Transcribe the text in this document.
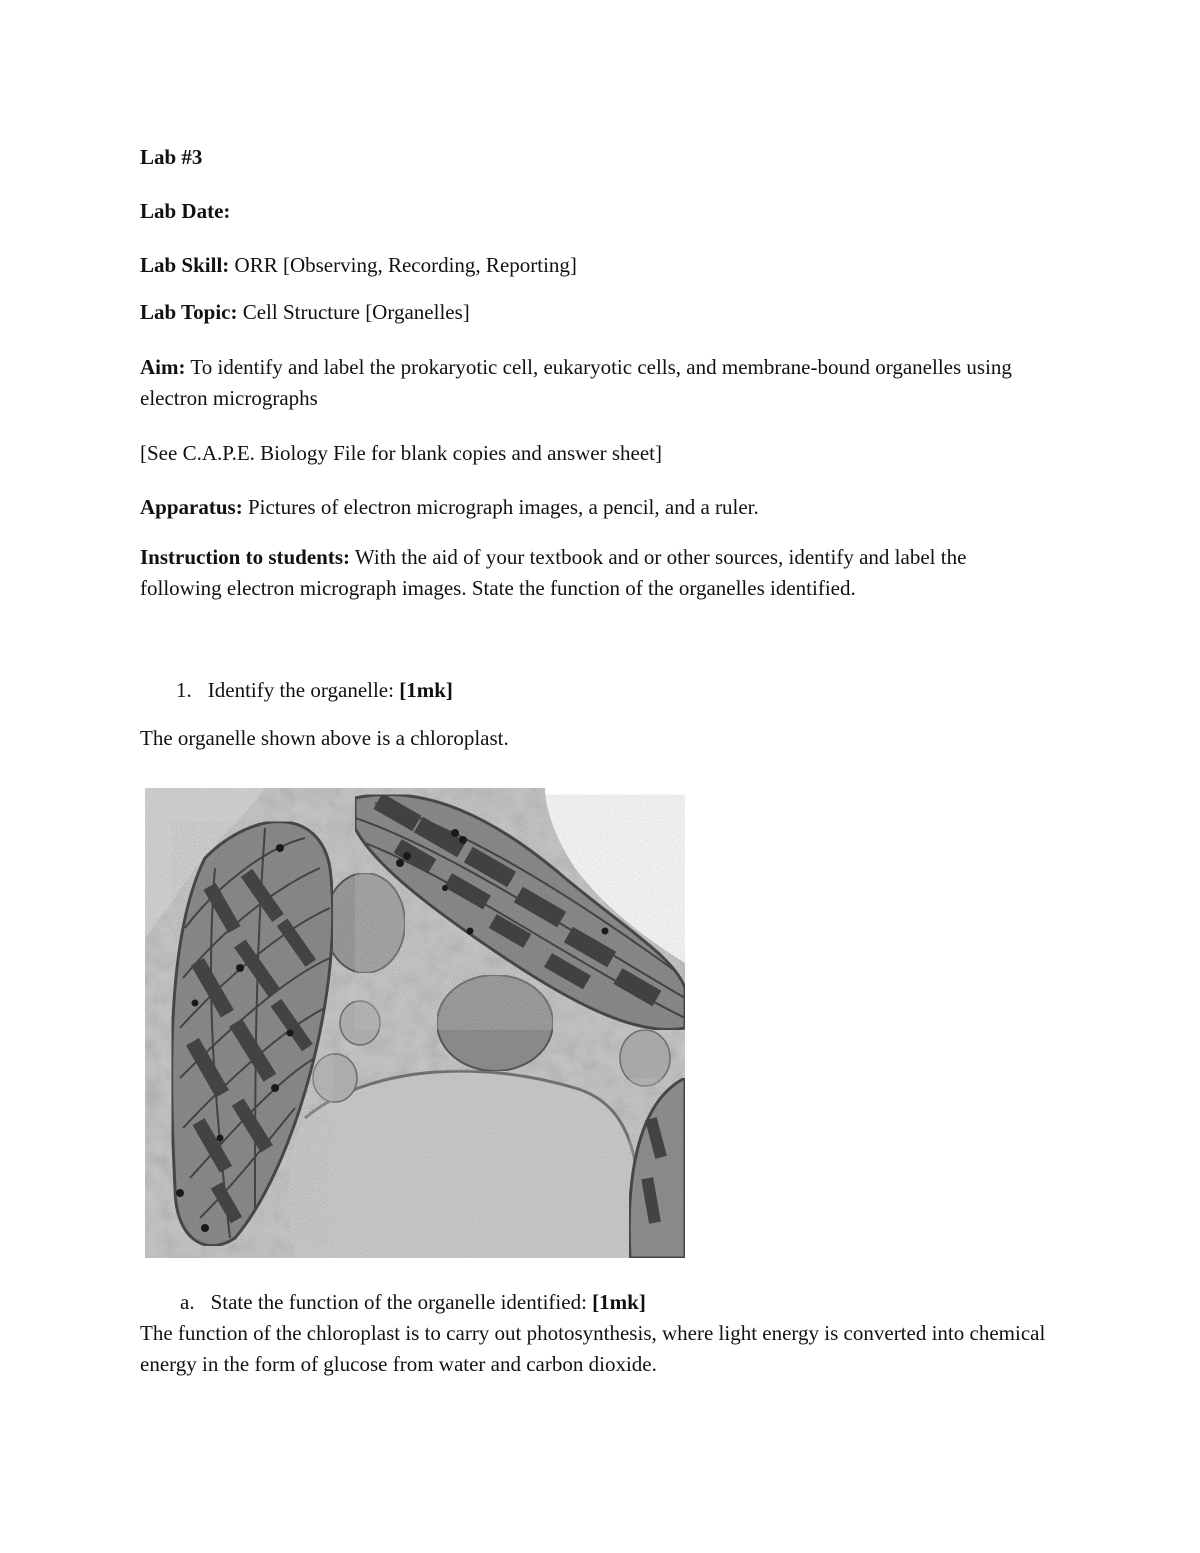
Lab #3

Lab Date:

Lab Skill: ORR [Observing, Recording, Reporting]

Lab Topic: Cell Structure [Organelles]

Aim: To identify and label the prokaryotic cell, eukaryotic cells, and membrane-bound organelles using electron micrographs

[See C.A.P.E. Biology File for blank copies and answer sheet]

Apparatus: Pictures of electron micrograph images, a pencil, and a ruler.

Instruction to students: With the aid of your textbook and or other sources, identify and label the following electron micrograph images. State the function of the organelles identified.

1. Identify the organelle: [1mk]

The organelle shown above is a chloroplast.

a. State the function of the organelle identified: [1mk]

The function of the chloroplast is to carry out photosynthesis, where light energy is converted into chemical energy in the form of glucose from water and carbon dioxide.
